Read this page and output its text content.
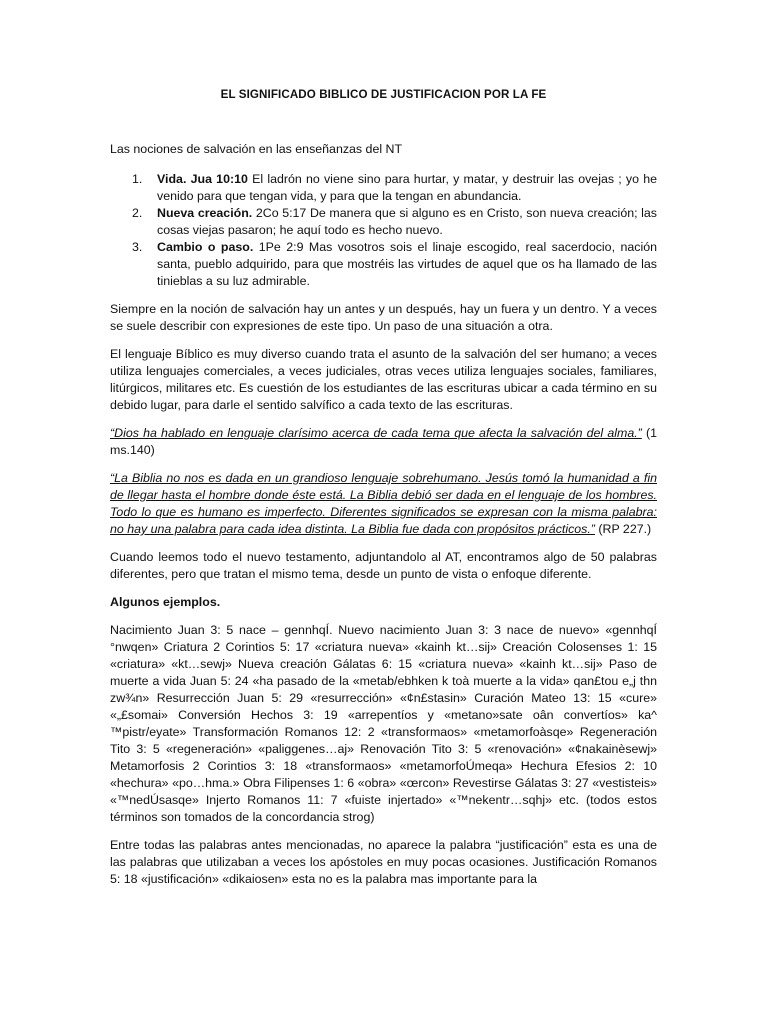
EL SIGNIFICADO BIBLICO DE JUSTIFICACION POR LA FE

Las nociones de salvación en las enseñanzas del NT

1. Vida. Jua 10:10 El ladrón no viene sino para hurtar, y matar, y destruir las ovejas ; yo he venido para que tengan vida, y para que la tengan en abundancia.
2. Nueva creación. 2Co 5:17 De manera que si alguno es en Cristo, son nueva creación; las cosas viejas pasaron; he aquí todo es hecho nuevo.
3. Cambio o paso. 1Pe 2:9 Mas vosotros sois el linaje escogido, real sacerdocio, nación santa, pueblo adquirido, para que mostréis las virtudes de aquel que os ha llamado de las tinieblas a su luz admirable.

Siempre en la noción de salvación hay un antes y un después, hay un fuera y un dentro. Y a veces se suele describir con expresiones de este tipo. Un paso de una situación a otra.

El lenguaje Bíblico es muy diverso cuando trata el asunto de la salvación del ser humano; a veces utiliza lenguajes comerciales, a veces judiciales, otras veces utiliza lenguajes sociales, familiares, litúrgicos, militares etc. Es cuestión de los estudiantes de las escrituras ubicar a cada término en su debido lugar, para darle el sentido salvífico a cada texto de las escrituras.

“Dios ha hablado en lenguaje clarísimo acerca de cada tema que afecta la salvación del alma.” (1 ms.140)

“La Biblia no nos es dada en un grandioso lenguaje sobrehumano. Jesús tomó la humanidad a fin de llegar hasta el hombre donde éste está. La Biblia debió ser dada en el lenguaje de los hombres. Todo lo que es humano es imperfecto. Diferentes significados se expresan con la misma palabra: no hay una palabra para cada idea distinta. La Biblia fue dada con propósitos prácticos.” (RP 227.)

Cuando leemos todo el nuevo testamento, adjuntandolo al AT, encontramos algo de 50 palabras diferentes, pero que tratan el mismo tema, desde un punto de vista o enfoque diferente.

Algunos ejemplos.

Nacimiento Juan 3: 5 nace – gennhqÍ. Nuevo nacimiento Juan 3: 3 nace de nuevo» «gennhqÍ °nwqen» Criatura 2 Corintios 5: 17 «criatura nueva» «kainh kt…sij» Creación Colosenses 1: 15 «criatura» «kt…sewj» Nueva creación Gálatas 6: 15 «criatura nueva» «kainh kt…sij» Paso de muerte a vida Juan 5: 24 «ha pasado de la «metab/ebhken k toà muerte a la vida» qan£tou e„j thn zw¾n» Resurrección Juan 5: 29 «resurrección» «¢n£stasin» Curación Mateo 13: 15 «cure» «„£somai» Conversión Hechos 3: 19 «arrepentíos y «metano»sate oân convertíos» ka^ ™pistr/eyate» Transformación Romanos 12: 2 «transformaos» «metamorfoàsqe» Regeneración Tito 3: 5 «regeneración» «paliggenes…aj» Renovación Tito 3: 5 «renovación» «¢nakainèsewj» Metamorfosis 2 Corintios 3: 18 «transformaos» «metamorfoÚmeqa» Hechura Efesios 2: 10 «hechura» «po…hma.» Obra Filipenses 1: 6 «obra» «œrcon» Revestirse Gálatas 3: 27 «vestisteis» «™nedÚsasqe» Injerto Romanos 11: 7 «fuiste injertado» «™nekentr…sqhj» etc. (todos estos términos son tomados de la concordancia strog)

Entre todas las palabras antes mencionadas, no aparece la palabra “justificación” esta es una de las palabras que utilizaban a veces los apóstoles en muy pocas ocasiones. Justificación Romanos 5: 18 «justificación» «dikaiosen» esta no es la palabra mas importante para la
